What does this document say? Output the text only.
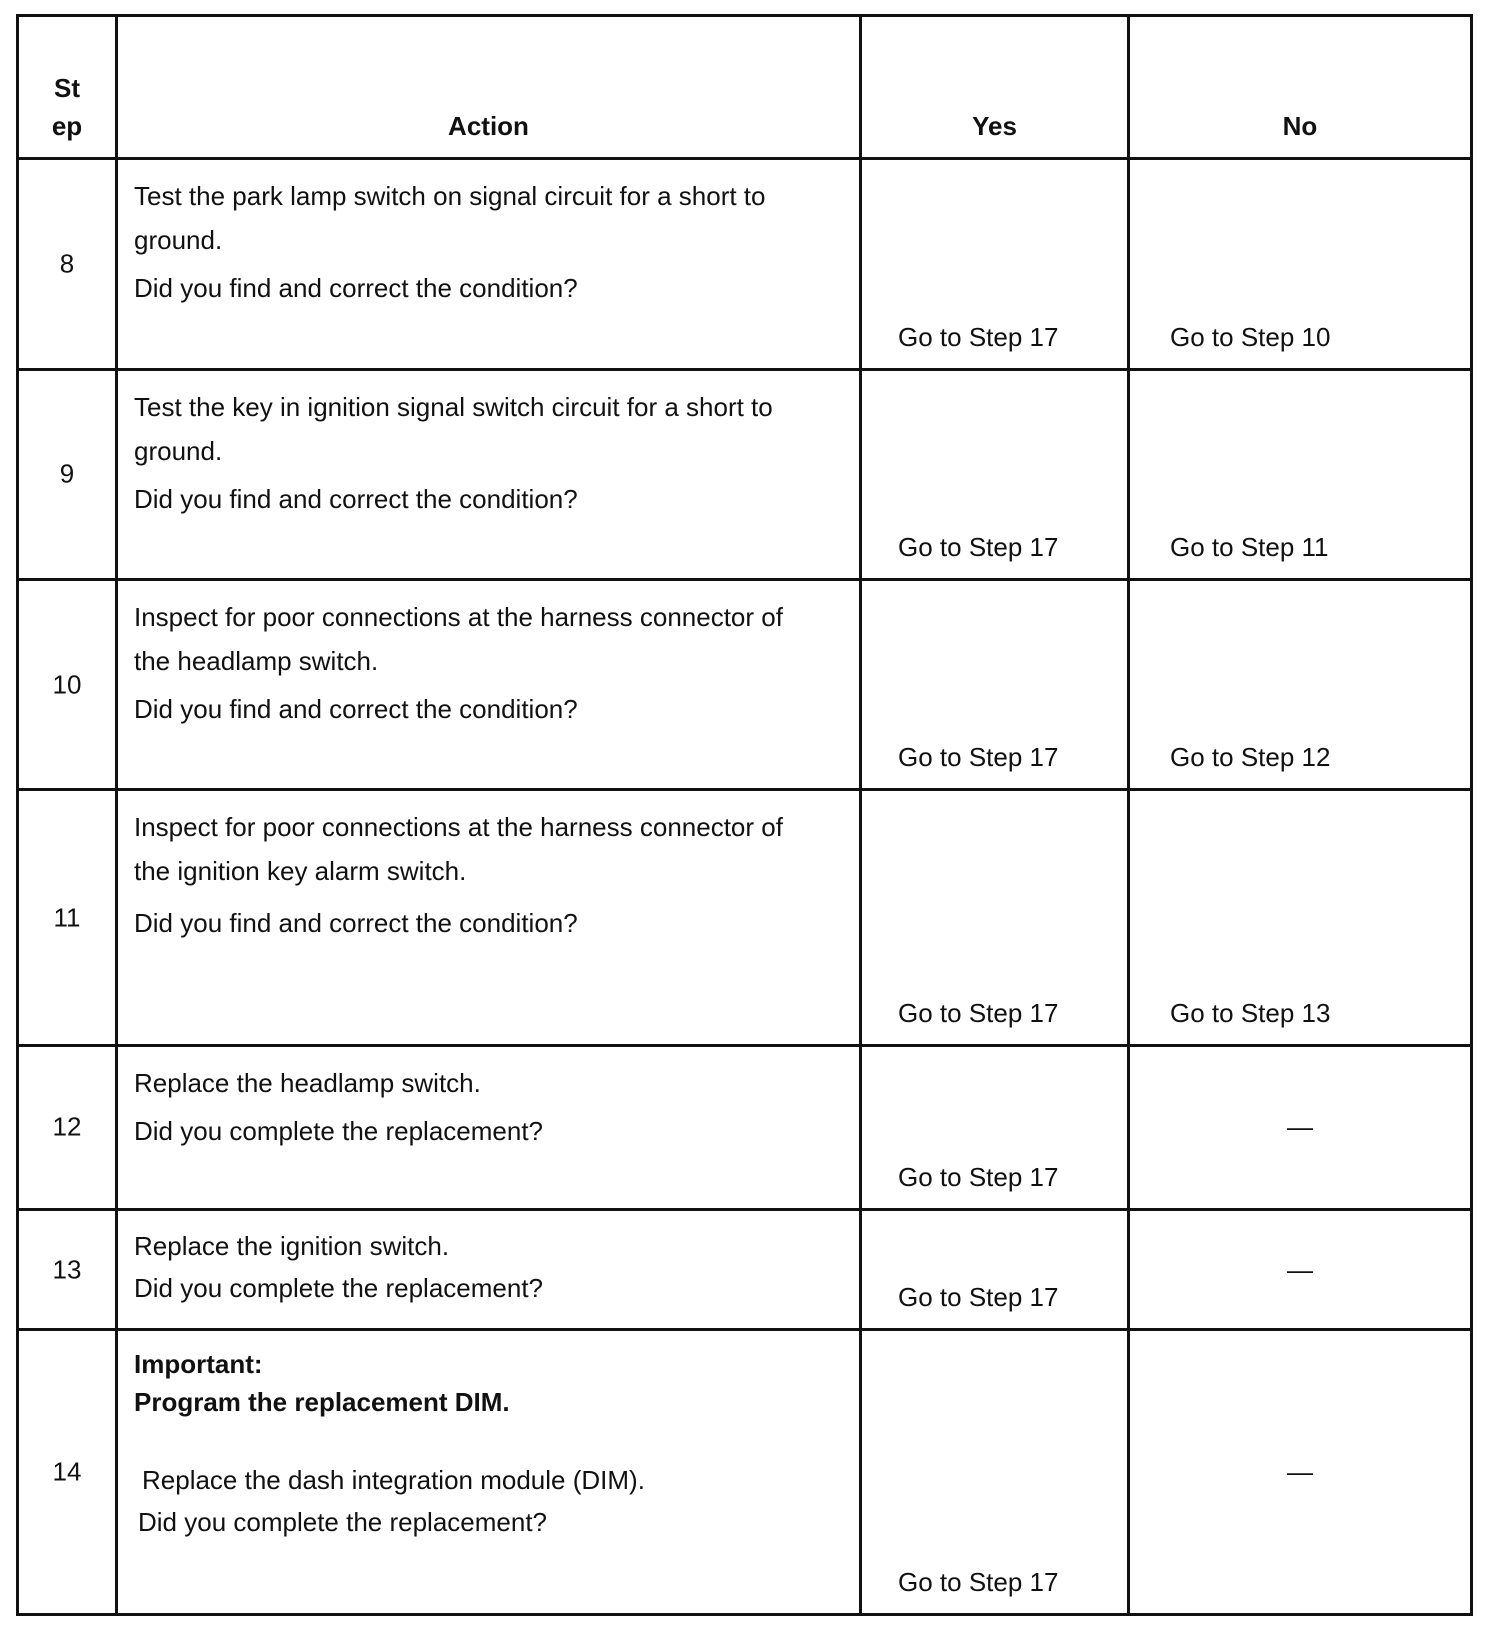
St
ep	Action	Yes	No

8	Test the park lamp switch on signal circuit for a short to
ground.

Did you find and correct the condition?	Go to Step 17	Go to Step 10

9	Test the key in ignition signal switch circuit for a short to
ground.

Did you find and correct the condition?	Go to Step 17	Go to Step 11

10	Inspect for poor connections at the harness connector of
the headlamp switch.

Did you find and correct the condition?	Go to Step 17	Go to Step 12

11	Inspect for poor connections at the harness connector of
the ignition key alarm switch.

Did you find and correct the condition?	Go to Step 17	Go to Step 13

12	Replace the headlamp switch.

Did you complete the replacement?	Go to Step 17	—

13	Replace the ignition switch.

Did you complete the replacement?	Go to Step 17	—

14	Important:
Program the replacement DIM.

Replace the dash integration module (DIM).

Did you complete the replacement?	Go to Step 17	—
